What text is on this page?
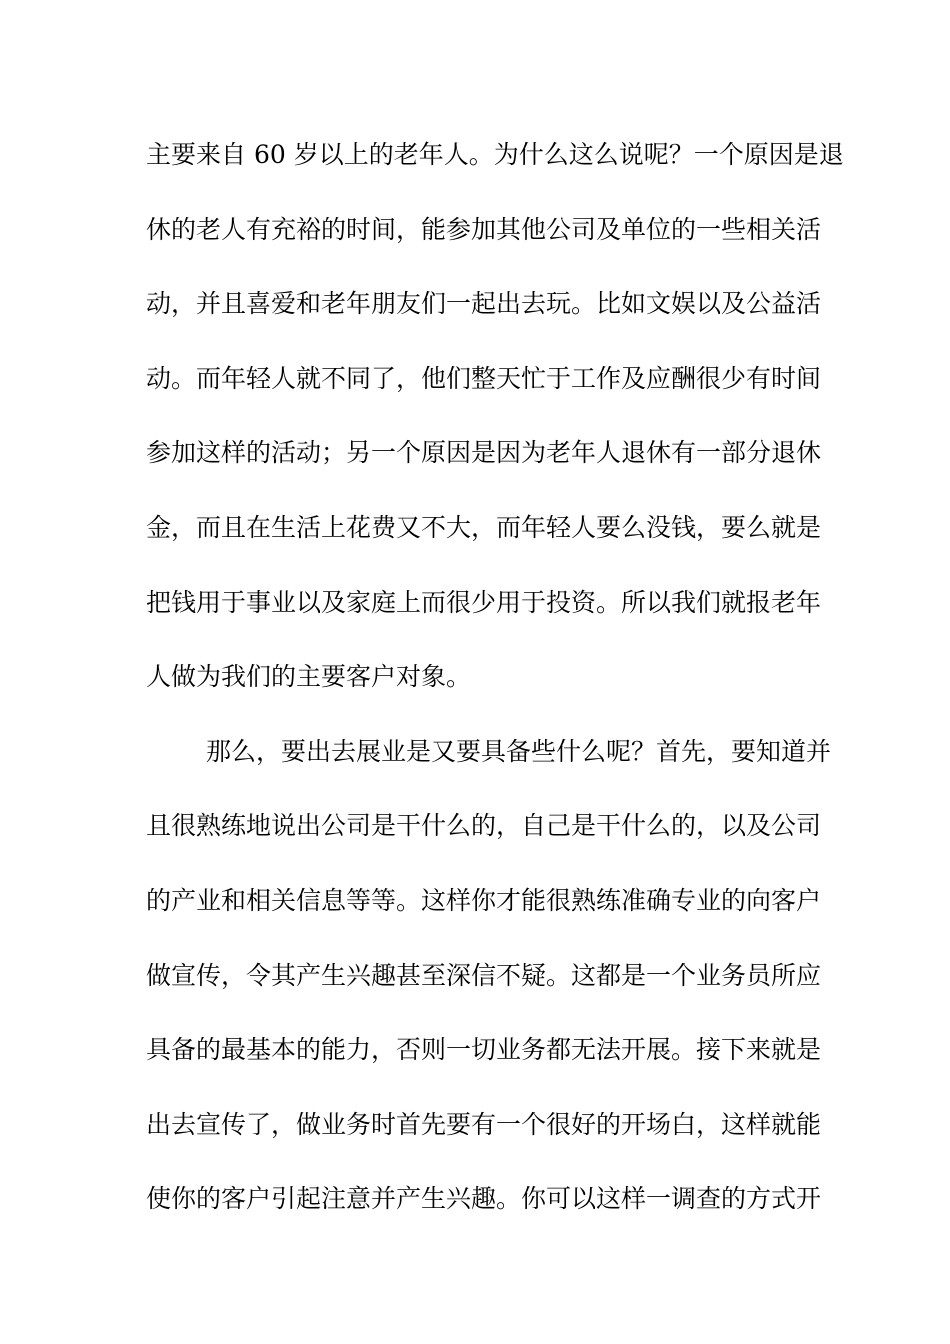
主要来自 60 岁以上的老年人。为什么这么说呢？一个原因是退
休的老人有充裕的时间，能参加其他公司及单位的一些相关活
动，并且喜爱和老年朋友们一起出去玩。比如文娱以及公益活
动。而年轻人就不同了，他们整天忙于工作及应酬很少有时间
参加这样的活动；另一个原因是因为老年人退休有一部分退休
金，而且在生活上花费又不大，而年轻人要么没钱，要么就是
把钱用于事业以及家庭上而很少用于投资。所以我们就报老年
人做为我们的主要客户对象。
那么，要出去展业是又要具备些什么呢？首先，要知道并
且很熟练地说出公司是干什么的，自己是干什么的，以及公司
的产业和相关信息等等。这样你才能很熟练准确专业的向客户
做宣传，令其产生兴趣甚至深信不疑。这都是一个业务员所应
具备的最基本的能力，否则一切业务都无法开展。接下来就是
出去宣传了，做业务时首先要有一个很好的开场白，这样就能
使你的客户引起注意并产生兴趣。你可以这样一调查的方式开
